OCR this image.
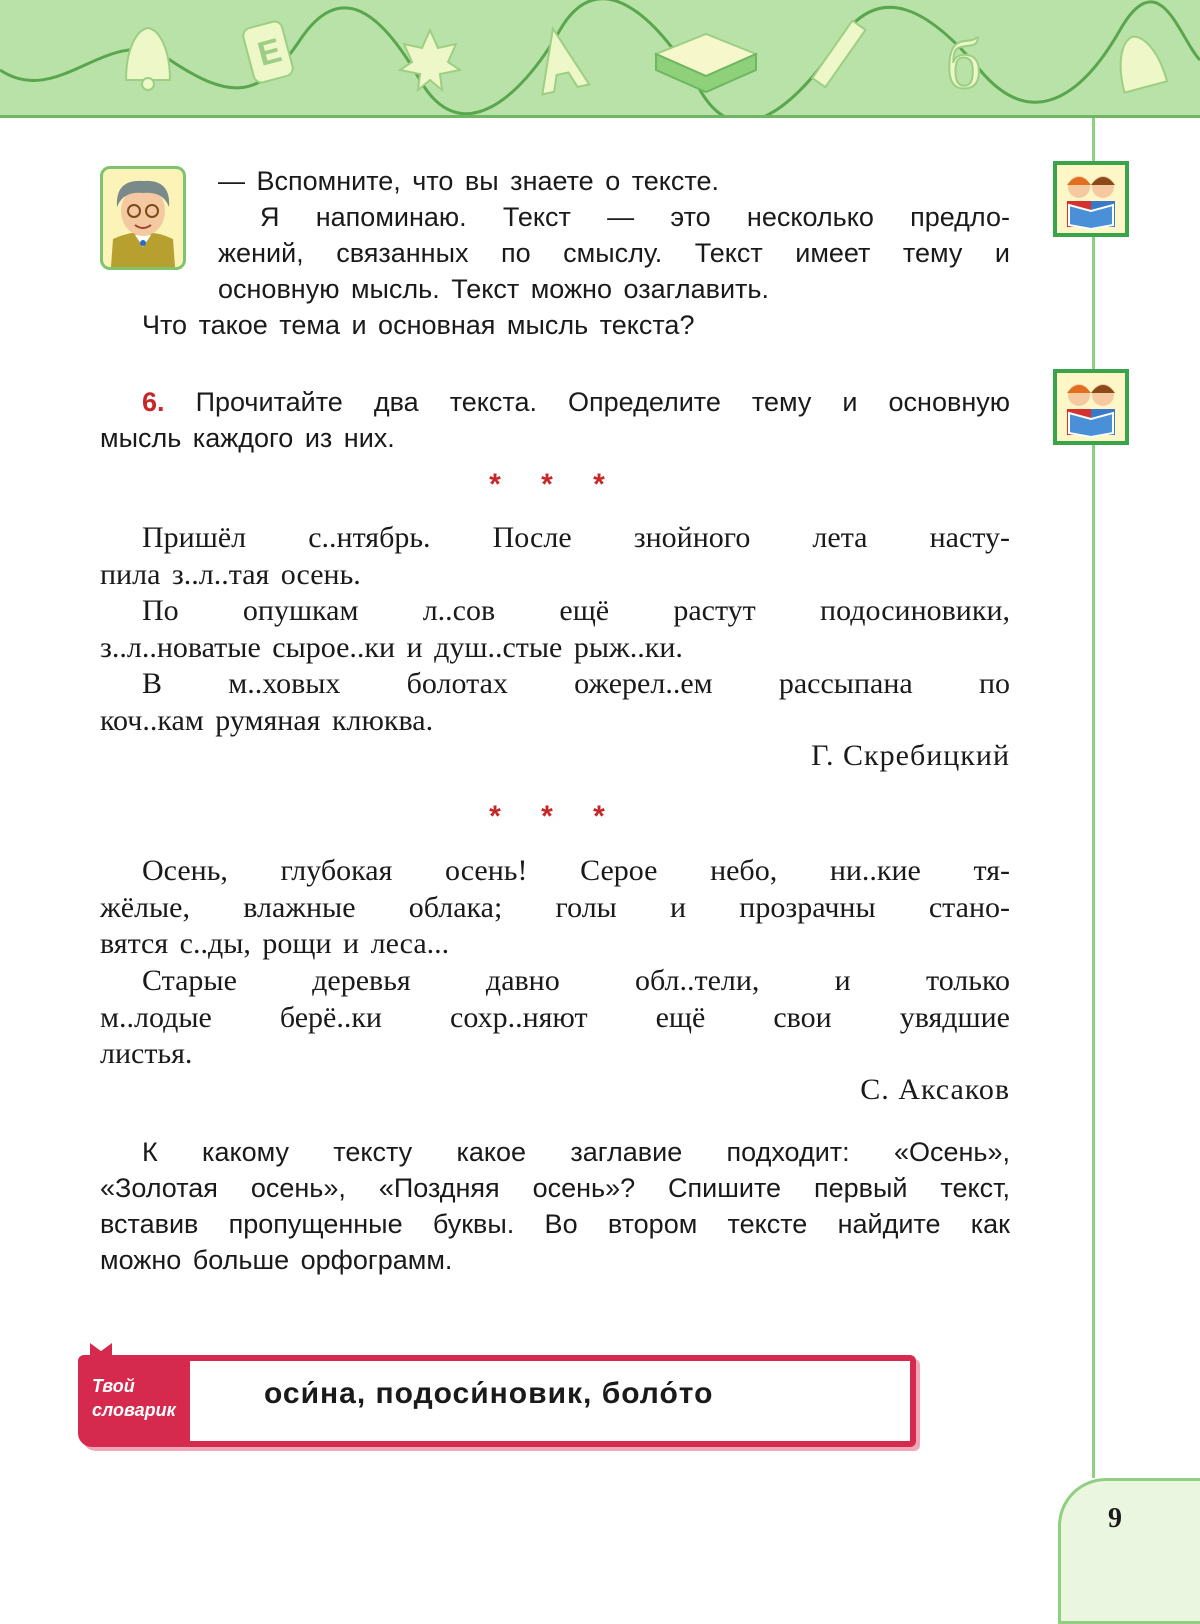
Е	б
— Вспомните, что вы знаете о тексте.
Я напоминаю. Текст — это несколько предло-
жений, связанных по смыслу. Текст имеет тему и
основную мысль. Текст можно озаглавить.
Что такое тема и основная мысль текста?
6. Прочитайте два текста. Определите тему и основную
мысль каждого из них.
* * *
Пришёл с..нтябрь. После знойного лета насту-
пила з..л..тая осень.
По опушкам л..сов ещё растут подосиновики,
з..л..новатые сырое..ки и душ..стые рыж..ки.
В м..ховых болотах ожерел..ем рассыпана по
коч..кам румяная клюква.
Г. Скребицкий
* * *
Осень, глубокая осень! Серое небо, ни..кие тя-
жёлые, влажные облака; голы и прозрачны стано-
вятся с..ды, рощи и леса...
Старые деревья давно обл..тели, и только
м..лодые берё..ки сохр..няют ещё свои увядшие
листья.
С. Аксаков
К какому тексту какое заглавие подходит: «Осень»,
«Золотая осень», «Поздняя осень»? Спишите первый текст,
вставив пропущенные буквы. Во втором тексте найдите как
можно больше орфограмм.
Твой
словарик	оси́на, подоси́новик, боло́то
9
